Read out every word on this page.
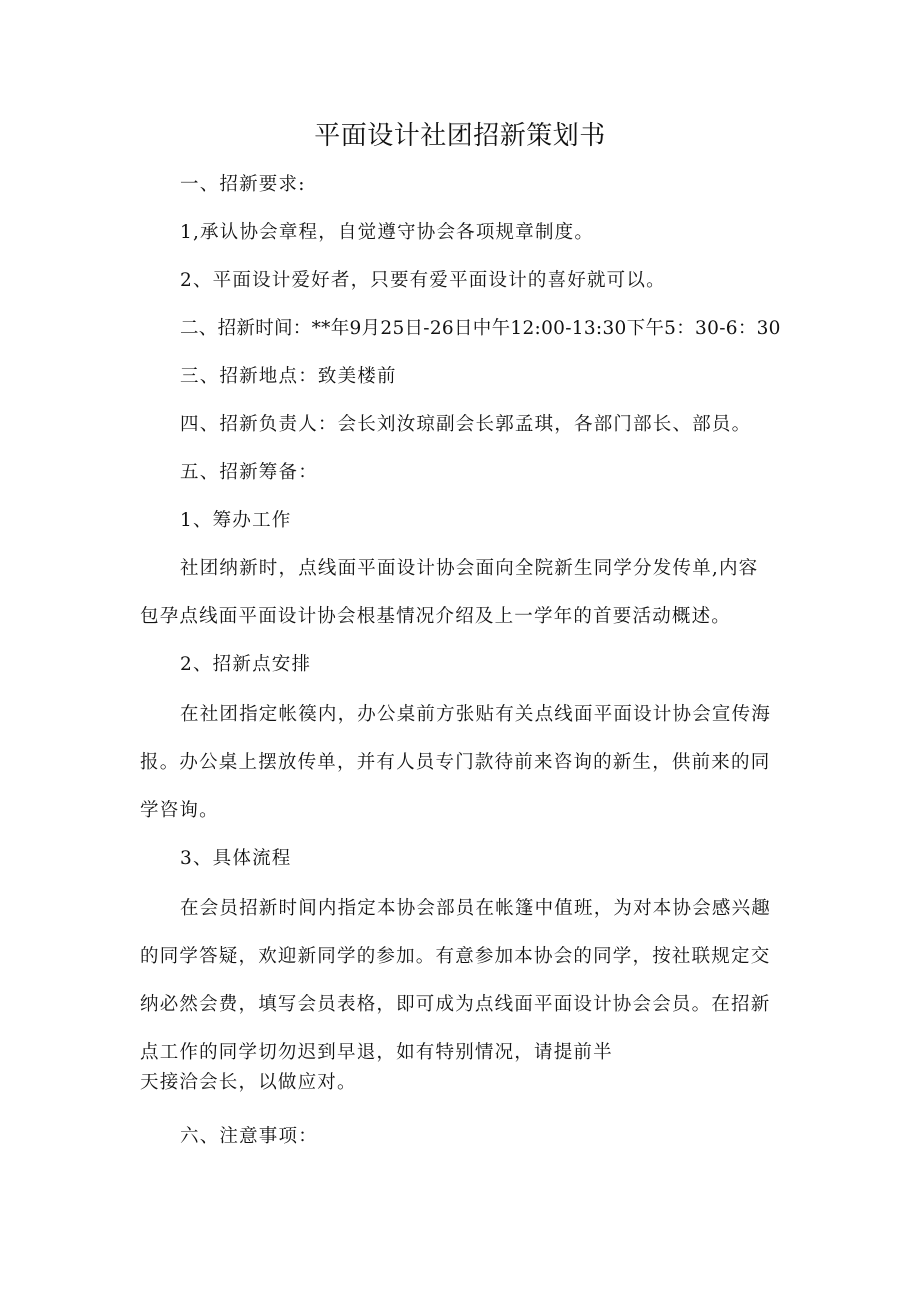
平面设计社团招新策划书

一、招新要求:

1,承认协会章程，自觉遵守协会各项规章制度。

2、平面设计爱好者，只要有爱平面设计的喜好就可以。

二、招新时间：**年9月25日-26日中午12:00-13:30下午5：30-6：30

三、招新地点：致美楼前

四、招新负责人：会长刘汝琼副会长郭孟琪，各部门部长、部员。

五、招新筹备：

1、筹办工作

社团纳新时，点线面平面设计协会面向全院新生同学分发传单,内容

包孕点线面平面设计协会根基情况介绍及上一学年的首要活动概述。

2、招新点安排

在社团指定帐篌内，办公桌前方张贴有关点线面平面设计协会宣传海

报。办公桌上摆放传单，并有人员专门款待前来咨询的新生，供前来的同

学咨询。

3、具体流程

在会员招新时间内指定本协会部员在帐篷中值班，为对本协会感兴趣

的同学答疑，欢迎新同学的参加。有意参加本协会的同学，按社联规定交

纳必然会费，填写会员表格，即可成为点线面平面设计协会会员。在招新

点工作的同学切勿迟到早退，如有特别情况，请提前半

天接洽会长，以做应对。

六、注意事项：
